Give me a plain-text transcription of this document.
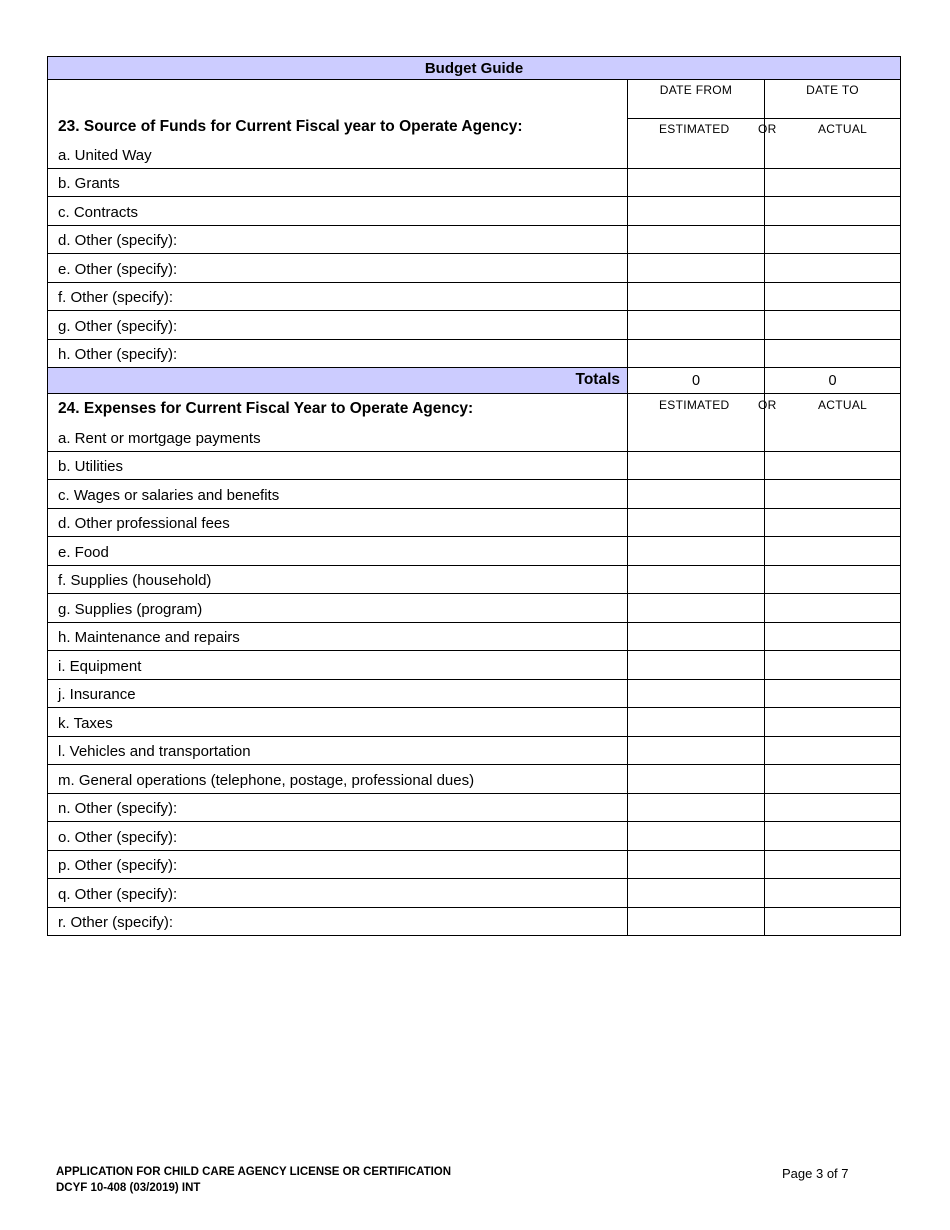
Budget Guide
23. Source of Funds for Current Fiscal year to Operate Agency:
DATE FROM	DATE TO
ESTIMATED OR	ACTUAL
a. United Way
b. Grants
c. Contracts
d. Other (specify):
e. Other (specify):
f. Other (specify):
g. Other (specify):
h. Other (specify):
Totals	0	0
24. Expenses for Current Fiscal Year to Operate Agency:	ESTIMATED OR	ACTUAL
a. Rent or mortgage payments
b. Utilities
c. Wages or salaries and benefits
d. Other professional fees
e. Food
f. Supplies (household)
g. Supplies (program)
h. Maintenance and repairs
i. Equipment
j. Insurance
k. Taxes
l. Vehicles and transportation
m. General operations (telephone, postage, professional dues)
n. Other (specify):
o. Other (specify):
p. Other (specify):
q. Other (specify):
r. Other (specify):
APPLICATION FOR CHILD CARE AGENCY LICENSE OR CERTIFICATION
DCYF 10-408 (03/2019) INT
Page 3 of 7
